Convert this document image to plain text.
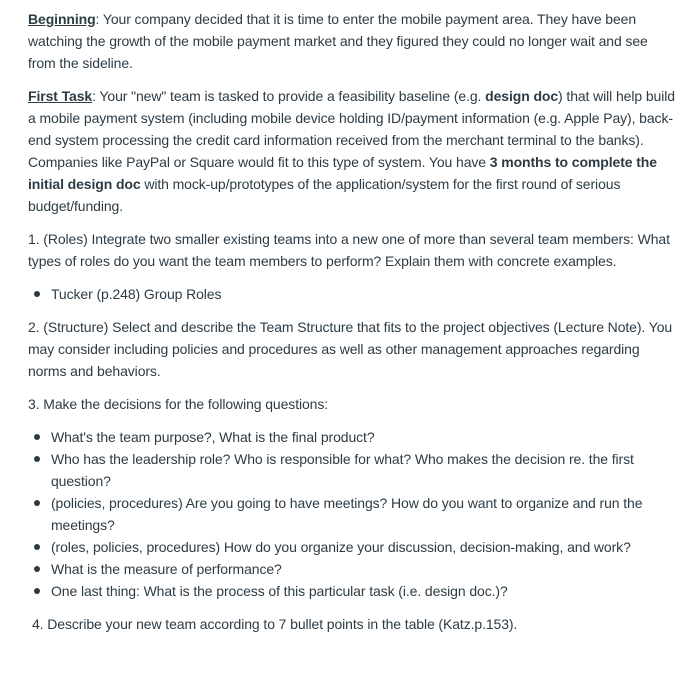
Beginning: Your company decided that it is time to enter the mobile payment area. They have been watching the growth of the mobile payment market and they figured they could no longer wait and see from the sideline.

First Task: Your "new" team is tasked to provide a feasibility baseline (e.g. design doc) that will help build a mobile payment system (including mobile device holding ID/payment information (e.g. Apple Pay), back-end system processing the credit card information received from the merchant terminal to the banks). Companies like PayPal or Square would fit to this type of system. You have 3 months to complete the initial design doc with mock-up/prototypes of the application/system for the first round of serious budget/funding.

1. (Roles) Integrate two smaller existing teams into a new one of more than several team members: What types of roles do you want the team members to perform? Explain them with concrete examples.

Tucker (p.248) Group Roles

2. (Structure) Select and describe the Team Structure that fits to the project objectives (Lecture Note). You may consider including policies and procedures as well as other management approaches regarding norms and behaviors.

3. Make the decisions for the following questions:

What's the team purpose?, What is the final product?
Who has the leadership role? Who is responsible for what? Who makes the decision re. the first question?
(policies, procedures) Are you going to have meetings? How do you want to organize and run the meetings?
(roles, policies, procedures) How do you organize your discussion, decision-making, and work?
What is the measure of performance?
One last thing: What is the process of this particular task (i.e. design doc.)?

4. Describe your new team according to 7 bullet points in the table (Katz.p.153).
